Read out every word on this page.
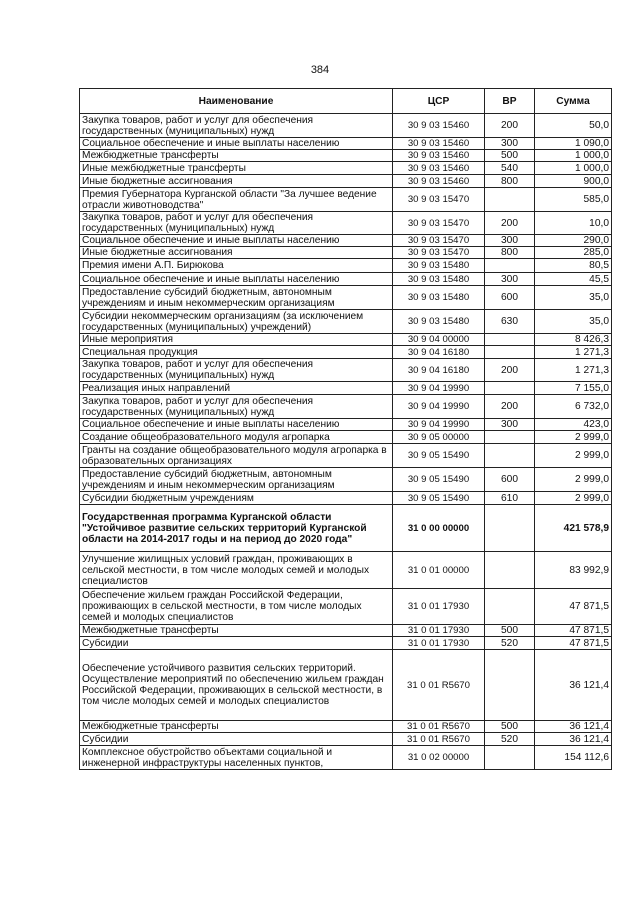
384
Наименование	ЦСР	ВР	Сумма
Закупка товаров, работ и услуг для обеспечения государственных (муниципальных) нужд	30 9 03 15460	200	50,0
Социальное обеспечение и иные выплаты населению	30 9 03 15460	300	1 090,0
Межбюджетные трансферты	30 9 03 15460	500	1 000,0
Иные межбюджетные трансферты	30 9 03 15460	540	1 000,0
Иные бюджетные ассигнования	30 9 03 15460	800	900,0
Премия Губернатора Курганской области "За лучшее ведение отрасли животноводства"	30 9 03 15470		585,0
Закупка товаров, работ и услуг для обеспечения государственных (муниципальных) нужд	30 9 03 15470	200	10,0
Социальное обеспечение и иные выплаты населению	30 9 03 15470	300	290,0
Иные бюджетные ассигнования	30 9 03 15470	800	285,0
Премия имени А.П. Бирюкова	30 9 03 15480		80,5
Социальное обеспечение и иные выплаты населению	30 9 03 15480	300	45,5
Предоставление субсидий бюджетным, автономным учреждениям и иным некоммерческим организациям	30 9 03 15480	600	35,0
Субсидии некоммерческим организациям (за исключением государственных (муниципальных) учреждений)	30 9 03 15480	630	35,0
Иные мероприятия	30 9 04 00000		8 426,3
Специальная продукция	30 9 04 16180		1 271,3
Закупка товаров, работ и услуг для обеспечения государственных (муниципальных) нужд	30 9 04 16180	200	1 271,3
Реализация иных направлений	30 9 04 19990		7 155,0
Закупка товаров, работ и услуг для обеспечения государственных (муниципальных) нужд	30 9 04 19990	200	6 732,0
Социальное обеспечение и иные выплаты населению	30 9 04 19990	300	423,0
Создание общеобразовательного модуля агропарка	30 9 05 00000		2 999,0
Гранты на создание общеобразовательного модуля агропарка в образовательных организациях	30 9 05 15490		2 999,0
Предоставление субсидий бюджетным, автономным учреждениям и иным некоммерческим организациям	30 9 05 15490	600	2 999,0
Субсидии бюджетным учреждениям	30 9 05 15490	610	2 999,0
Государственная программа Курганской области "Устойчивое развитие сельских территорий Курганской области на 2014-2017 годы и на период до 2020 года"	31 0 00 00000		421 578,9
Улучшение жилищных условий граждан, проживающих в сельской местности, в том числе молодых семей и молодых специалистов	31 0 01 00000		83 992,9
Обеспечение жильем граждан Российской Федерации, проживающих в сельской местности, в том числе молодых семей и молодых специалистов	31 0 01 17930		47 871,5
Межбюджетные трансферты	31 0 01 17930	500	47 871,5
Субсидии	31 0 01 17930	520	47 871,5
Обеспечение устойчивого развития сельских территорий. Осуществление мероприятий по обеспечению жильем граждан Российской Федерации, проживающих в сельской местности, в том числе молодых семей и молодых специалистов	31 0 01 R5670		36 121,4
Межбюджетные трансферты	31 0 01 R5670	500	36 121,4
Субсидии	31 0 01 R5670	520	36 121,4
Комплексное обустройство объектами социальной и инженерной инфраструктуры населенных пунктов,	31 0 02 00000		154 112,6
